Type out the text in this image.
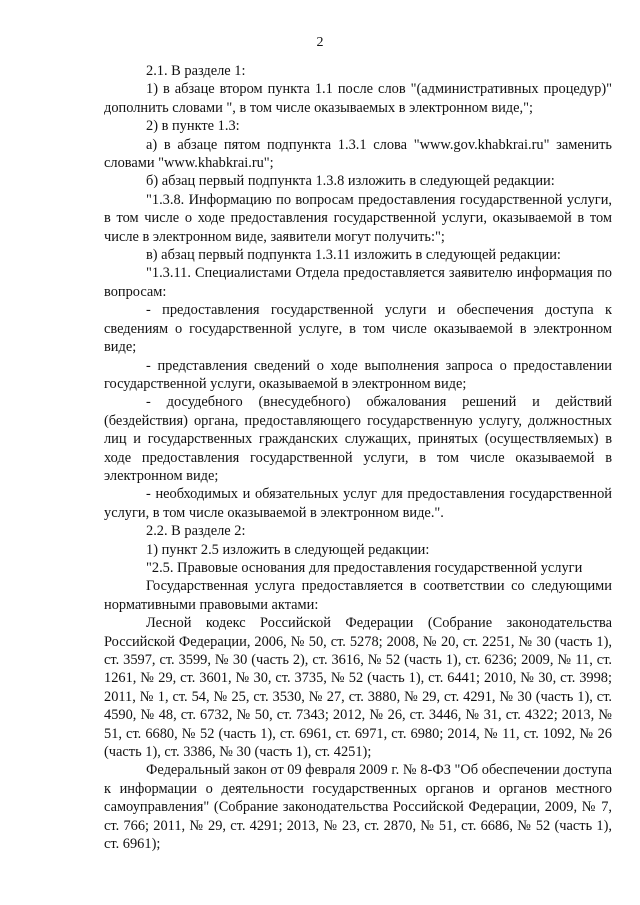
2

2.1. В разделе 1:

1) в абзаце втором пункта 1.1 после слов "(административных процедур)" дополнить словами ", в том числе оказываемых в электронном виде,";

2) в пункте 1.3:

а) в абзаце пятом подпункта 1.3.1 слова "www.gov.khabkrai.ru" заменить словами "www.khabkrai.ru";

б) абзац первый подпункта 1.3.8 изложить в следующей редакции:

"1.3.8. Информацию по вопросам предоставления государственной услуги, в том числе о ходе предоставления государственной услуги, оказываемой в том числе в электронном виде, заявители могут получить:";

в) абзац первый подпункта 1.3.11 изложить в следующей редакции:

"1.3.11. Специалистами Отдела предоставляется заявителю информация по вопросам:

- предоставления государственной услуги и обеспечения доступа к сведениям о государственной услуге, в том числе оказываемой в электронном виде;

- представления сведений о ходе выполнения запроса о предоставлении государственной услуги, оказываемой в электронном виде;

- досудебного (внесудебного) обжалования решений и действий (бездействия) органа, предоставляющего государственную услугу, должностных лиц и государственных гражданских служащих, принятых (осуществляемых) в ходе предоставления государственной услуги, в том числе оказываемой в электронном виде;

- необходимых и обязательных услуг для предоставления государственной услуги, в том числе оказываемой в электронном виде.".

2.2. В разделе 2:

1) пункт 2.5 изложить в следующей редакции:

"2.5. Правовые основания для предоставления государственной услуги

Государственная услуга предоставляется в соответствии со следующими нормативными правовыми актами:

Лесной кодекс Российской Федерации (Собрание законодательства Российской Федерации, 2006, № 50, ст. 5278; 2008, № 20, ст. 2251, № 30 (часть 1), ст. 3597, ст. 3599, № 30 (часть 2), ст. 3616, № 52 (часть 1), ст. 6236; 2009, № 11, ст. 1261, № 29, ст. 3601, № 30, ст. 3735, № 52 (часть 1), ст. 6441; 2010, № 30, ст. 3998; 2011, № 1, ст. 54, № 25, ст. 3530, № 27, ст. 3880, № 29, ст. 4291, № 30 (часть 1), ст. 4590, № 48, ст. 6732, № 50, ст. 7343; 2012, № 26, ст. 3446, № 31, ст. 4322; 2013, № 51, ст. 6680, № 52 (часть 1), ст. 6961, ст. 6971, ст. 6980; 2014, № 11, ст. 1092, № 26 (часть 1), ст. 3386, № 30 (часть 1), ст. 4251);

Федеральный закон от 09 февраля 2009 г. № 8-ФЗ "Об обеспечении доступа к информации о деятельности государственных органов и органов местного самоуправления" (Собрание законодательства Российской Федерации, 2009, № 7, ст. 766; 2011, № 29, ст. 4291; 2013, № 23, ст. 2870, № 51, ст. 6686, № 52 (часть 1), ст. 6961);
